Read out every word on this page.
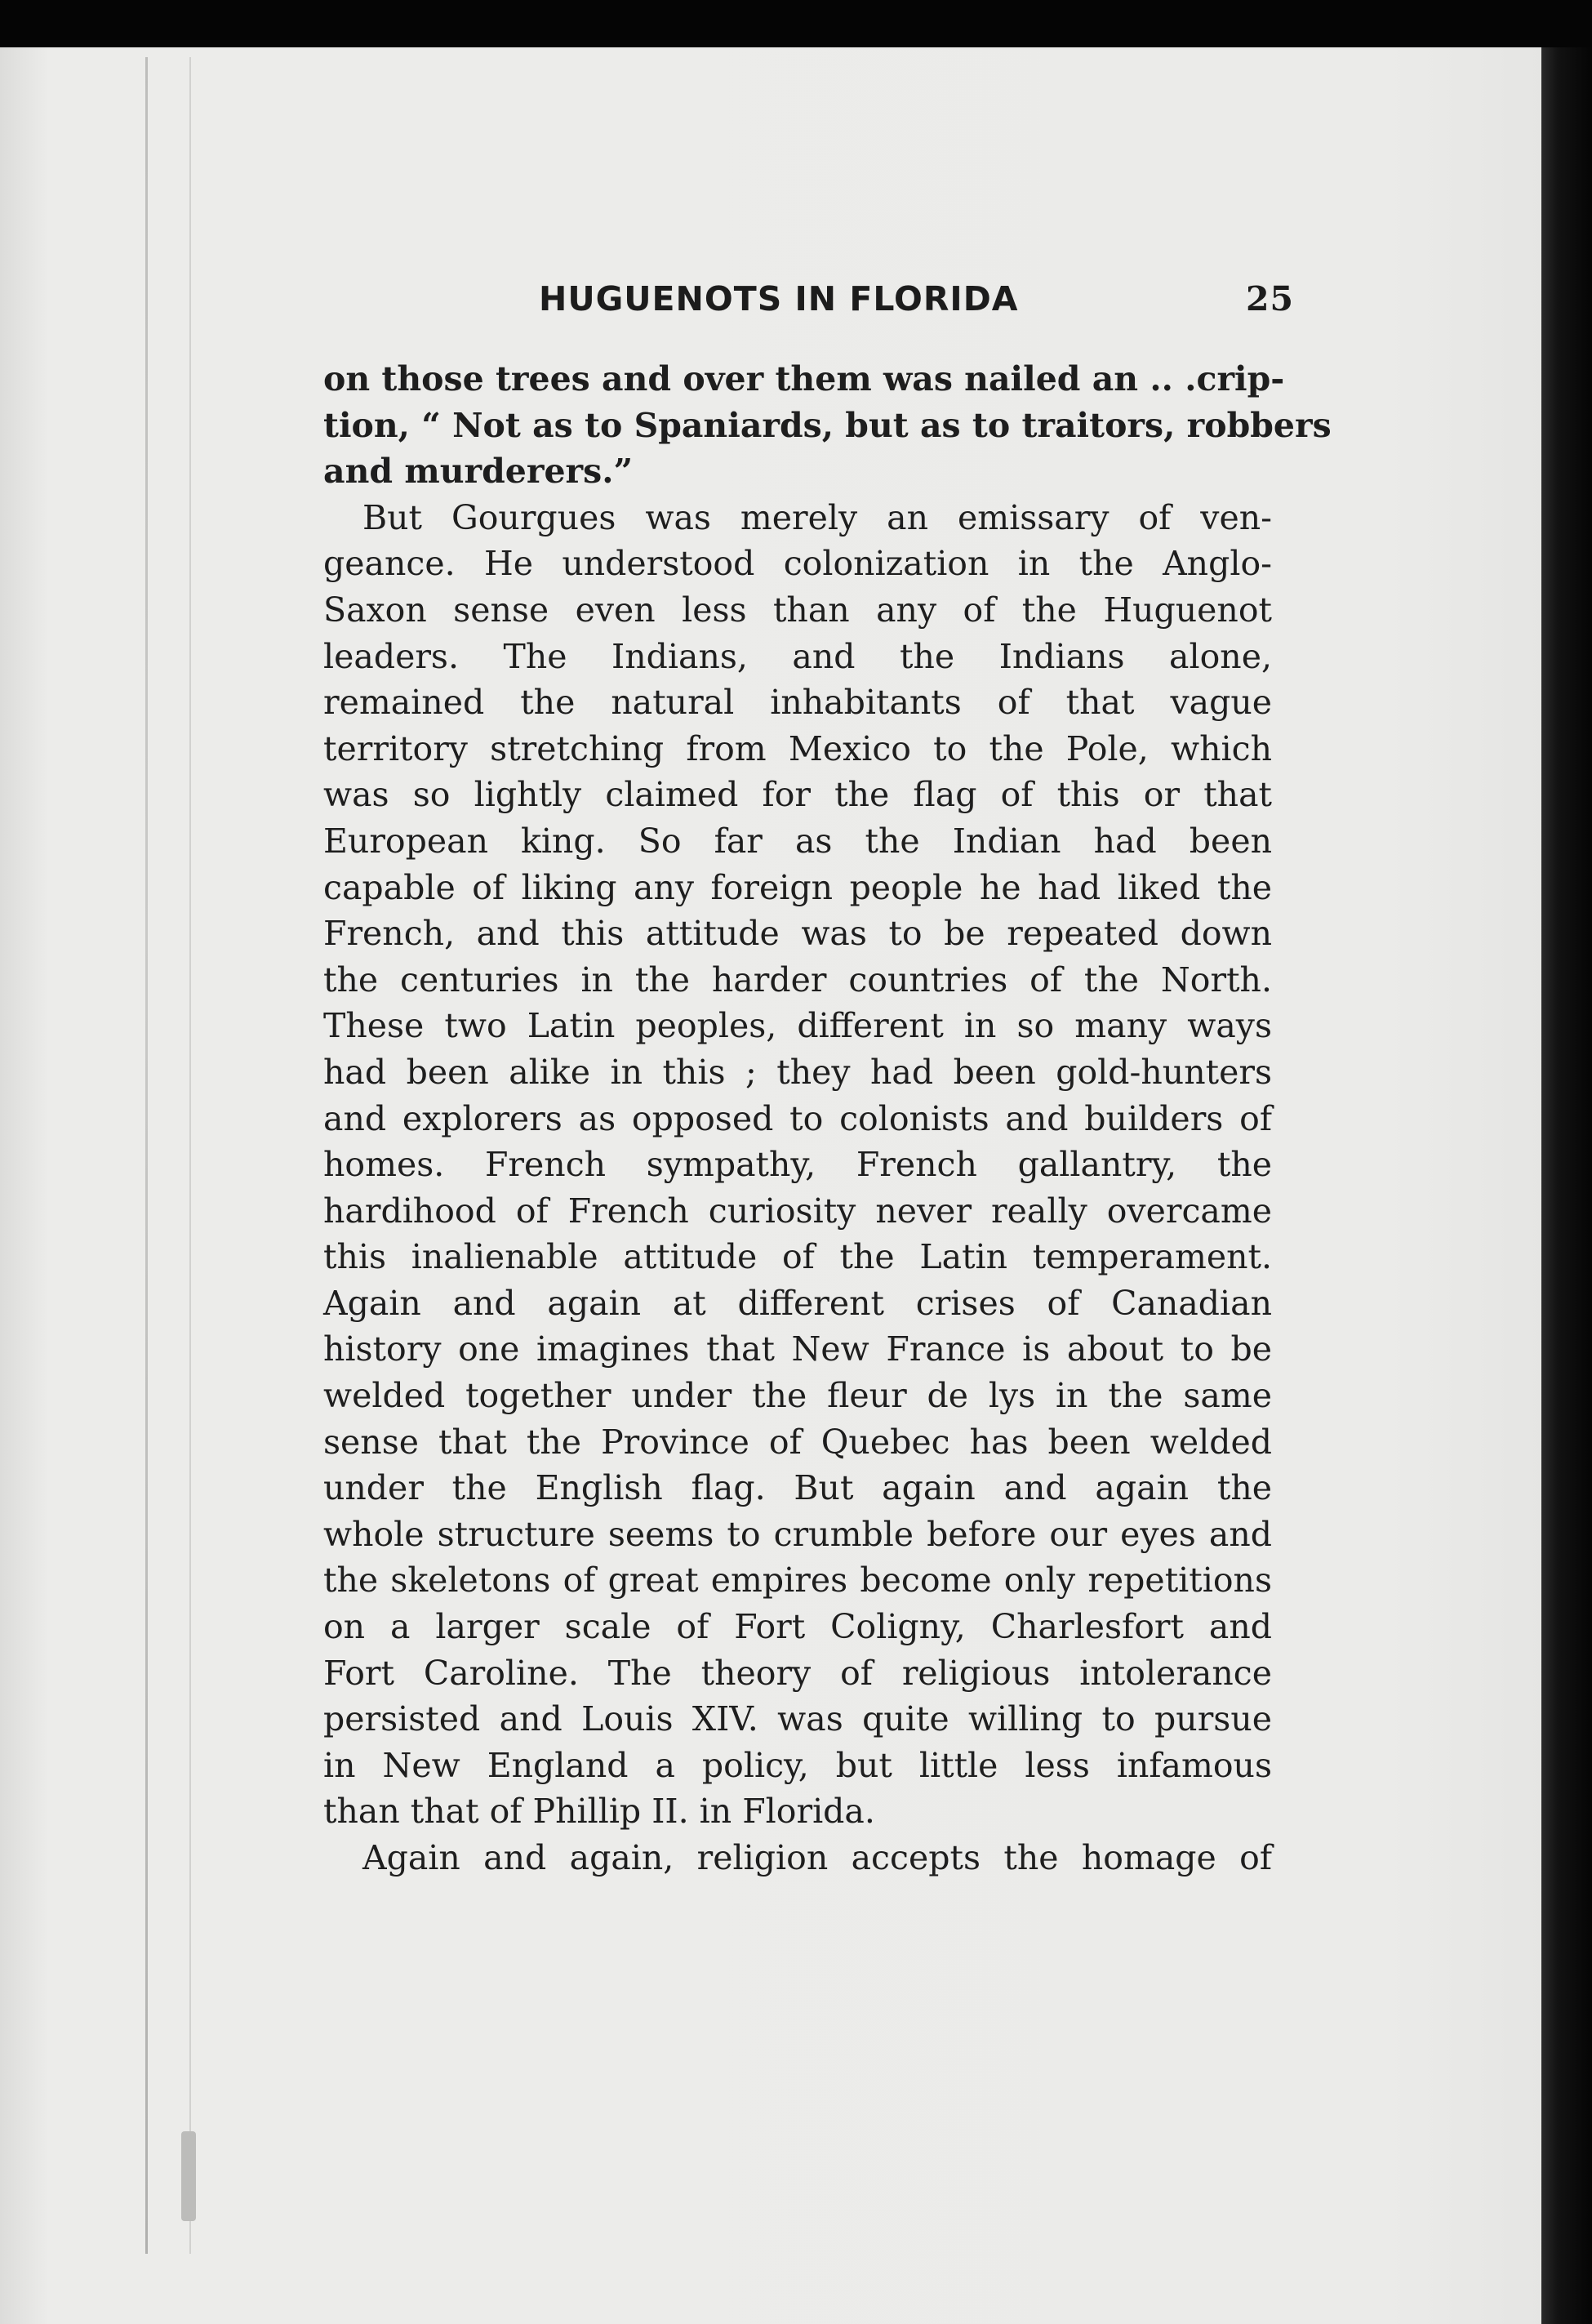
HUGUENOTS IN FLORIDA	25
on those trees and over them was nailed an .. .crip-
tion, “ Not as to Spaniards, but as to traitors, robbers
and murderers.”
But Gourgues was merely an emissary of ven-
geance. He understood colonization in the Anglo-
Saxon sense even less than any of the Huguenot
leaders. The Indians, and the Indians alone,
remained the natural inhabitants of that vague
territory stretching from Mexico to the Pole, which
was so lightly claimed for the flag of this or that
European king. So far as the Indian had been
capable of liking any foreign people he had liked the
French, and this attitude was to be repeated down
the centuries in the harder countries of the North.
These two Latin peoples, different in so many ways
had been alike in this ; they had been gold-hunters
and explorers as opposed to colonists and builders of
homes. French sympathy, French gallantry, the
hardihood of French curiosity never really overcame
this inalienable attitude of the Latin temperament.
Again and again at different crises of Canadian
history one imagines that New France is about to be
welded together under the fleur de lys in the same
sense that the Province of Quebec has been welded
under the English flag. But again and again the
whole structure seems to crumble before our eyes and
the skeletons of great empires become only repetitions
on a larger scale of Fort Coligny, Charlesfort and
Fort Caroline. The theory of religious intolerance
persisted and Louis XIV. was quite willing to pursue
in New England a policy, but little less infamous
than that of Phillip II. in Florida.
Again and again, religion accepts the homage of
